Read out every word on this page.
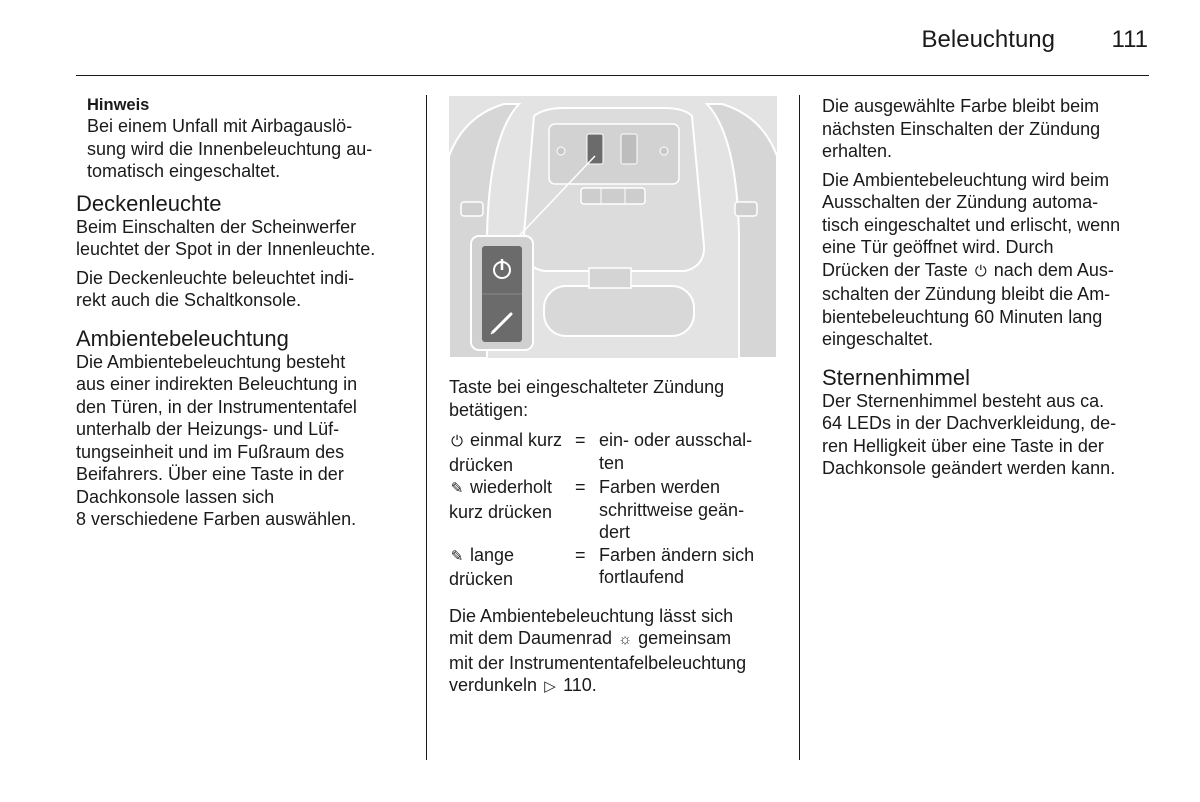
Beleuchtung 111
Hinweis
Bei einem Unfall mit Airbagauslö-
sung wird die Innenbeleuchtung au-
tomatisch eingeschaltet.
Deckenleuchte

Beim Einschalten der Scheinwerfer
leuchtet der Spot in der Innenleuchte.

Die Deckenleuchte beleuchtet indi-
rekt auch die Schaltkonsole.

Ambientebeleuchtung

Die Ambientebeleuchtung besteht
aus einer indirekten Beleuchtung in
den Türen, in der Instrumententafel
unterhalb der Heizungs- und Lüf-
tungseinheit und im Fußraum des
Beifahrers. Über eine Taste in der
Dachkonsole lassen sich
8 verschiedene Farben auswählen.

Taste bei eingeschalteter Zündung
betätigen:

⏻ einmal kurz
drücken
= ein- oder ausschal-
ten
✎ wiederholt
kurz drücken
= Farben werden
schrittweise geän-
dert
✎ lange
drücken
= Farben ändern sich
fortlaufend

Die Ambientebeleuchtung lässt sich
mit dem Daumenrad ☼ gemeinsam
mit der Instrumententafelbeleuchtung
verdunkeln ▷ 110.

Die ausgewählte Farbe bleibt beim
nächsten Einschalten der Zündung
erhalten.

Die Ambientebeleuchtung wird beim
Ausschalten der Zündung automa-
tisch eingeschaltet und erlischt, wenn
eine Tür geöffnet wird. Durch
Drücken der Taste ⏻ nach dem Aus-
schalten der Zündung bleibt die Am-
bientebeleuchtung 60 Minuten lang
eingeschaltet.

Sternenhimmel

Der Sternenhimmel besteht aus ca.
64 LEDs in der Dachverkleidung, de-
ren Helligkeit über eine Taste in der
Dachkonsole geändert werden kann.
